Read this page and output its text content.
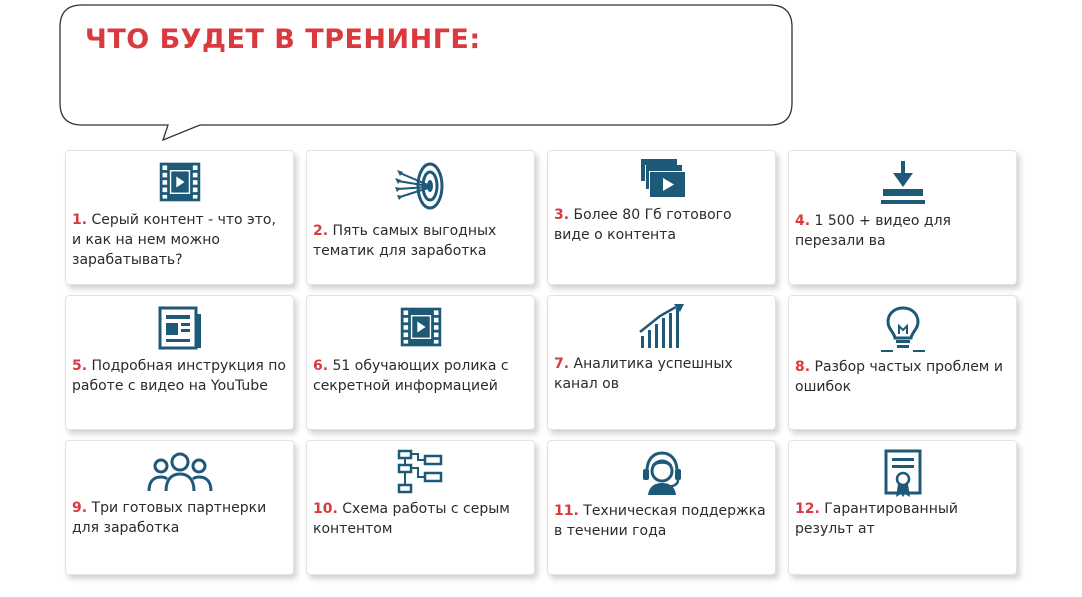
ЧТО БУДЕТ В ТРЕНИНГЕ:
1. Серый контент - что это, и как на нем можно зарабатывать?
2. Пять самых выгодных тематик для заработка
3. Более 80 Гб готового виде о контента
4. 1 500 + видео для перезали ва
5. Подробная инструкция по работе с видео на YouTube
6. 51 обучающих ролика с секретной информацией
7. Аналитика успешных канал ов
8. Разбор частых проблем и ошибок
9. Три готовых партнерки для заработка
10. Схема работы с серым контентом
11. Техническая поддержка в течении года
12. Гарантированный результ ат
